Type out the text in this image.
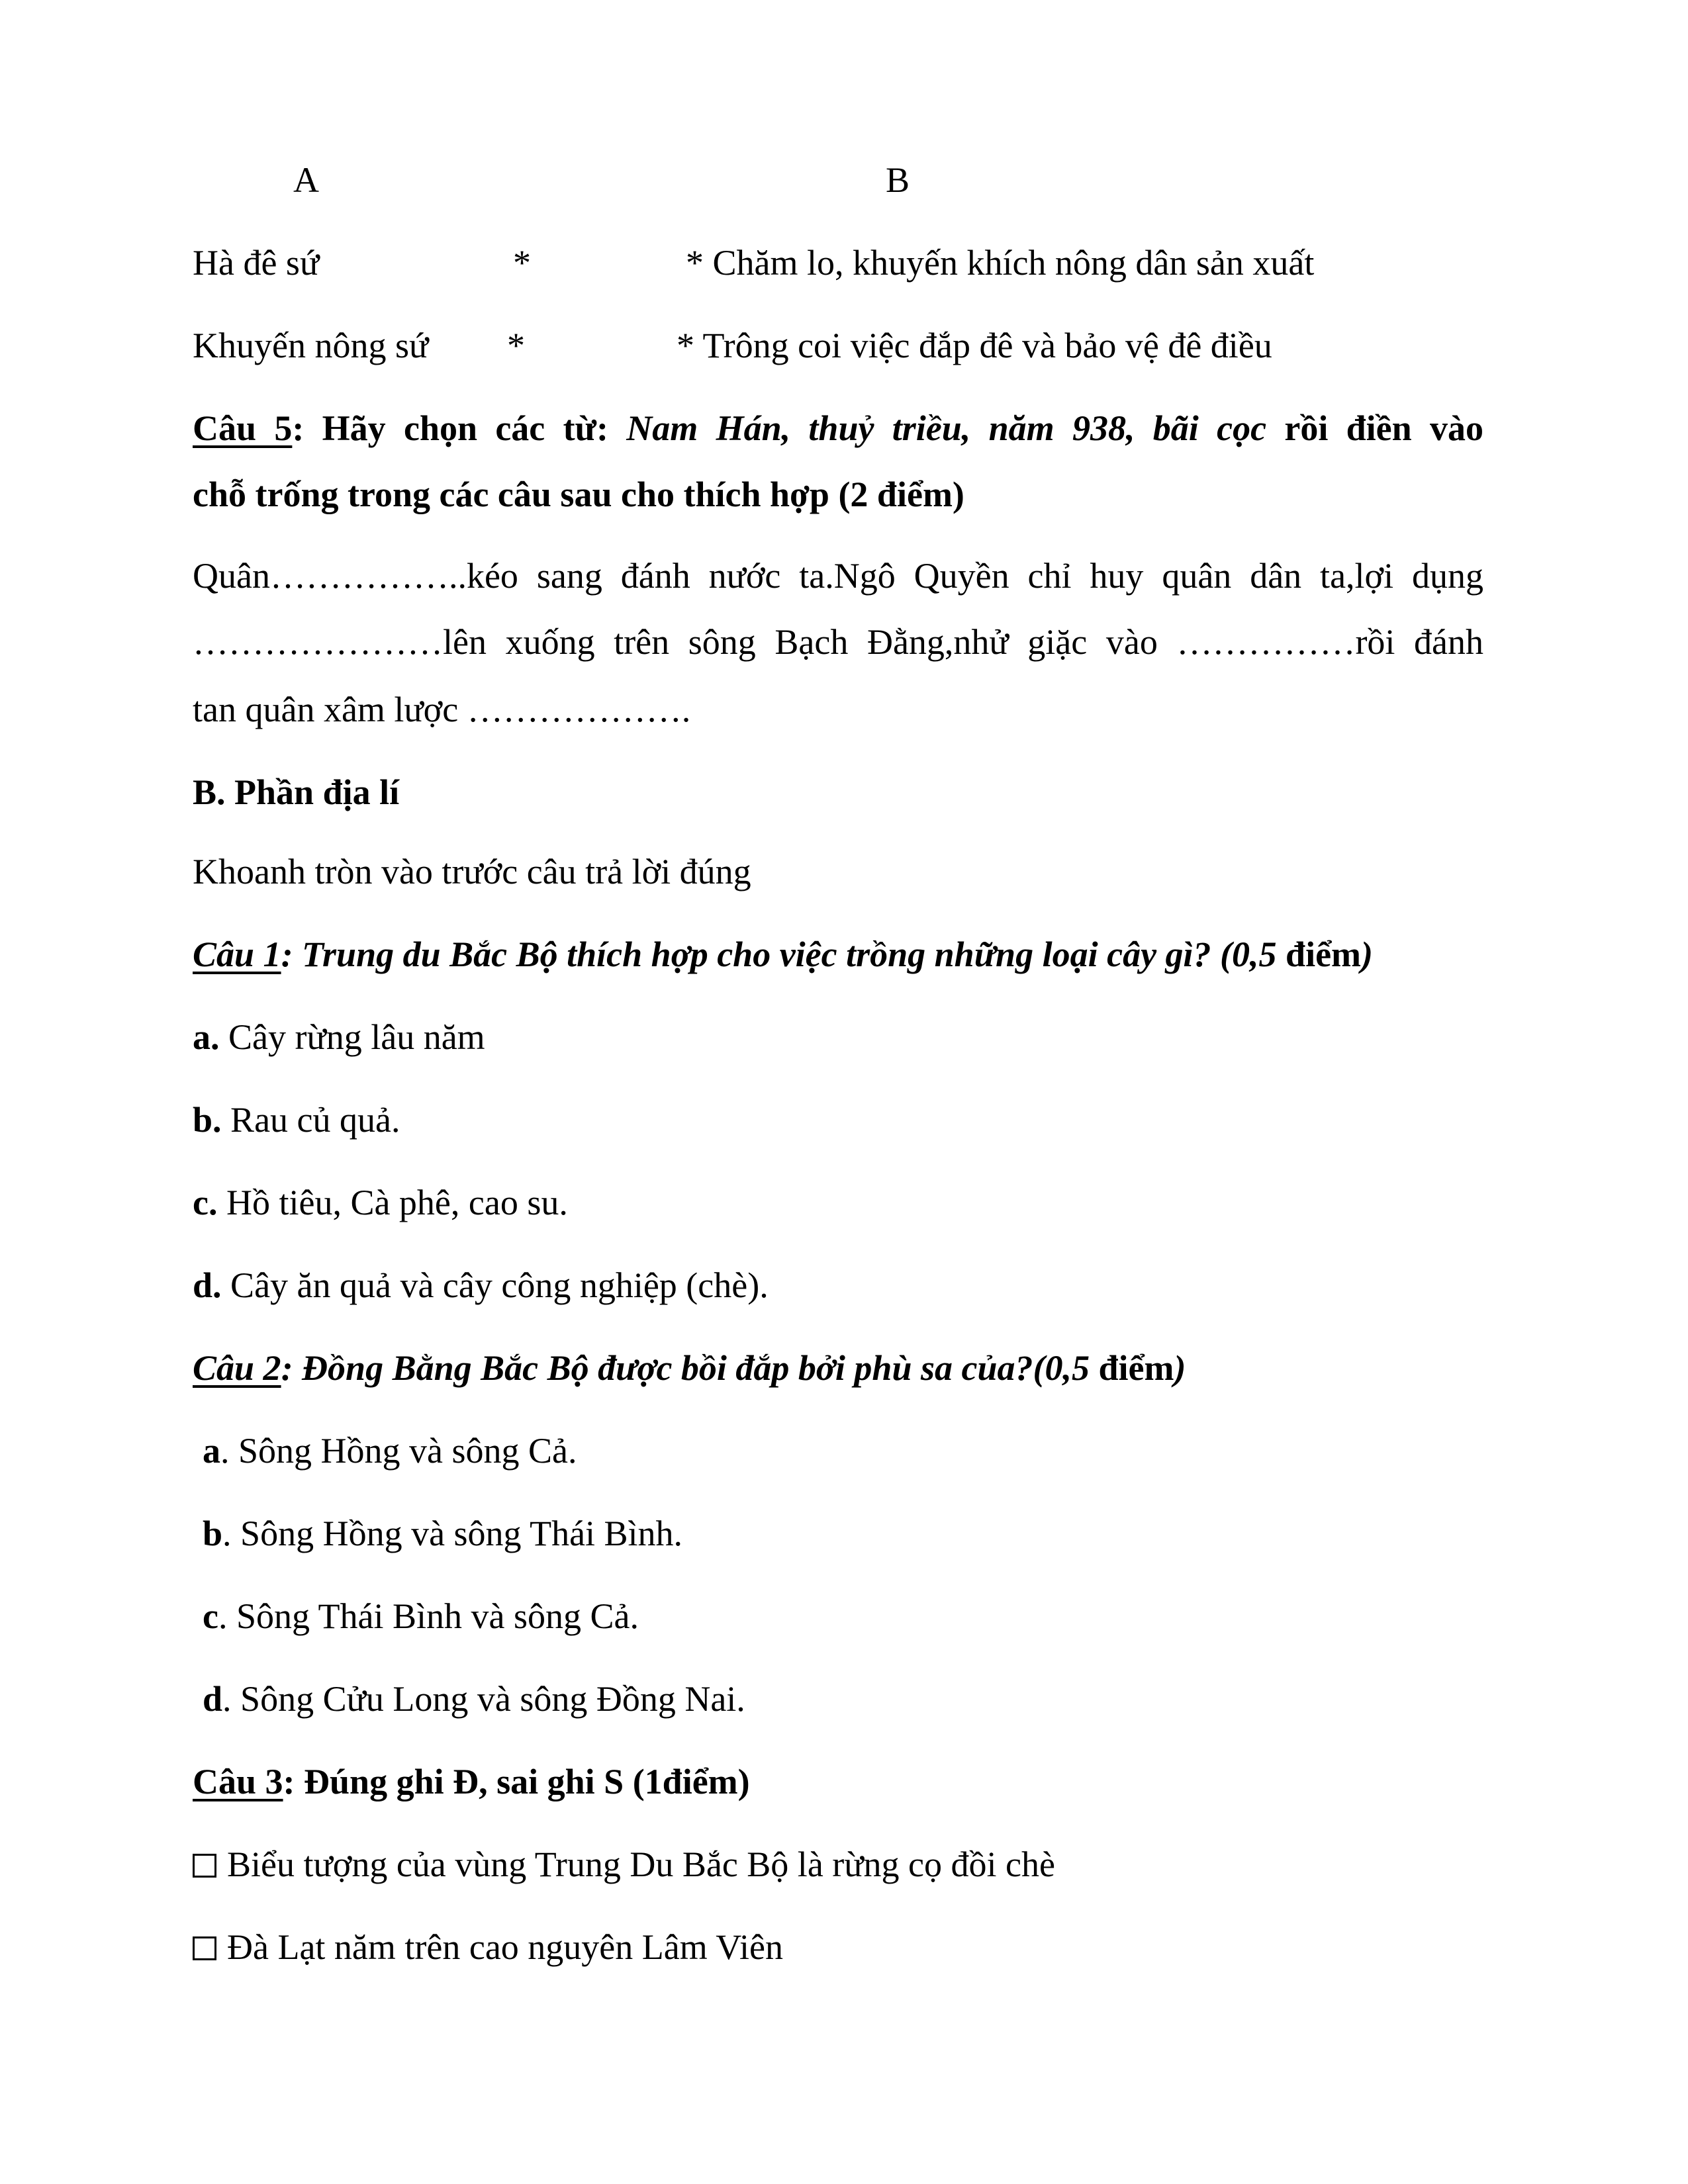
A	B
Hà đê sứ	*	* Chăm lo, khuyến khích nông dân sản xuất
Khuyến nông sứ *	* Trông coi việc đắp đê và bảo vệ đê điều
Câu 5: Hãy chọn các từ: Nam Hán, thuỷ triều, năm 938, bãi cọc rồi điền vào
chỗ trống trong các câu sau cho thích hợp (2 điểm)
Quân……………..kéo sang đánh nước ta.Ngô Quyền chỉ huy quân dân ta,lợi dụng
…………………lên xuống trên sông Bạch Đằng,nhử giặc vào ……………rồi đánh
tan quân xâm lược ……………….
B. Phần địa lí
Khoanh tròn vào trước câu trả lời đúng
Câu 1: Trung du Bắc Bộ thích hợp cho việc trồng những loại cây gì? (0,5 điểm)
a. Cây rừng lâu năm
b. Rau củ quả.
c. Hồ tiêu, Cà phê, cao su.
d. Cây ăn quả và cây công nghiệp (chè).
Câu 2: Đồng Bằng Bắc Bộ được bồi đắp bởi phù sa của?(0,5 điểm)
a. Sông Hồng và sông Cả.
b. Sông Hồng và sông Thái Bình.
c. Sông Thái Bình và sông Cả.
d. Sông Cửu Long và sông Đồng Nai.
Câu 3: Đúng ghi Đ, sai ghi S (1điểm)
Biểu tượng của vùng Trung Du Bắc Bộ là rừng cọ đồi chè
Đà Lạt năm trên cao nguyên Lâm Viên
